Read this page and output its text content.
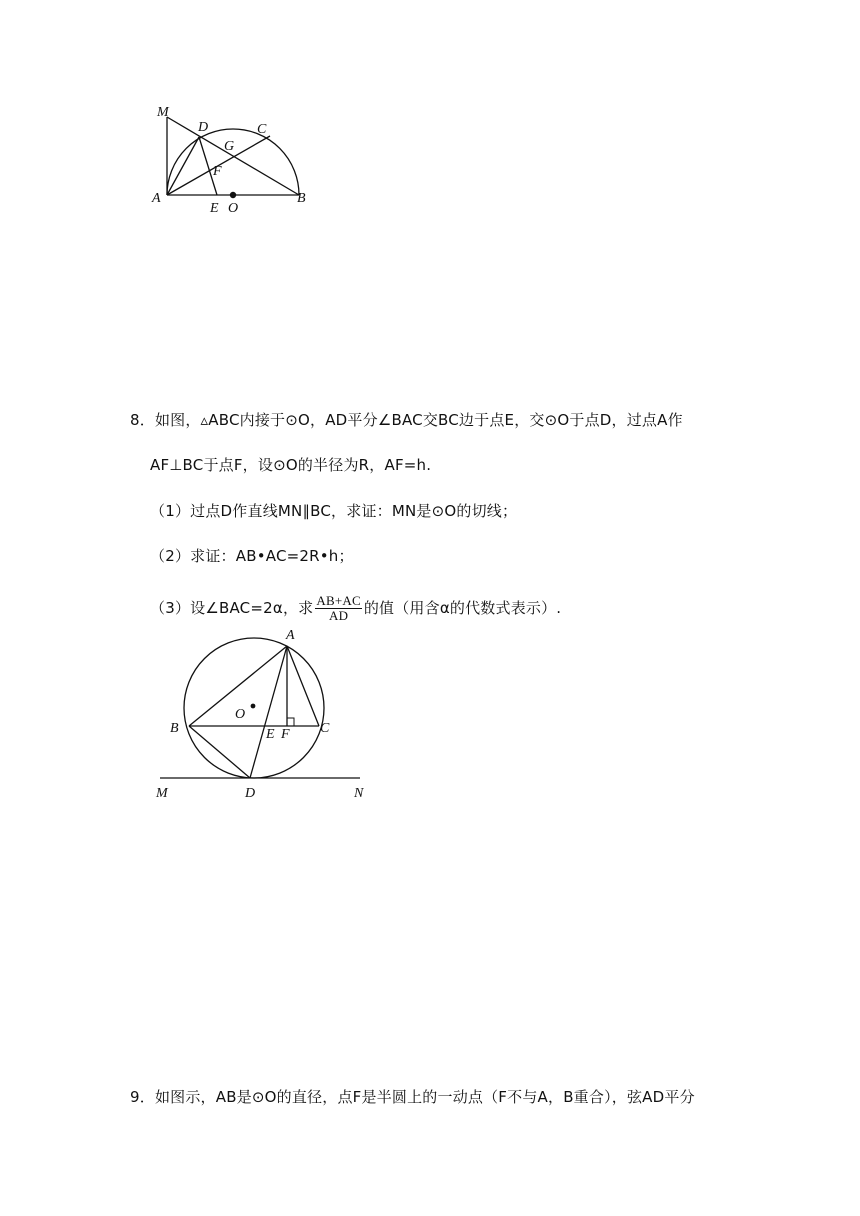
M
D	C
G
F
A
E O
B
8．如图，▵ABC内接于⊙O，AD平分∠BAC交BC边于点E，交⊙O于点D，过点A作
AF⊥BC于点F，设⊙O的半径为R，AF=h.
（1）过点D作直线MN∥BC，求证：MN是⊙O的切线；
（2）求证：AB•AC=2R•h；
（3）设∠BAC=2α，求 $\frac{AB+AC}{AD}$ 的值（用含α的代数式表示）.
A
O
B	E F C
M	D	N
9．如图示，AB是⊙O的直径，点F是半圆上的一动点（F不与A，B重合），弦AD平分
